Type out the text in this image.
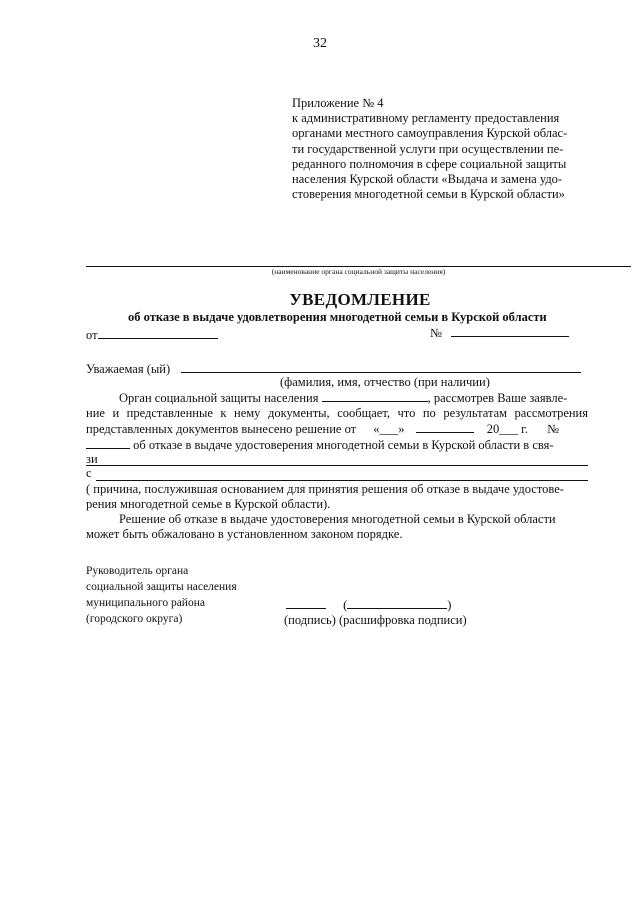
32
Приложение № 4
к административному регламенту предоставления
органами местного самоуправления Курской облас-
ти государственной услуги при осуществлении пе-
реданного полномочия в сфере социальной защиты
населения Курской области «Выдача и замена удо-
стоверения многодетной семьи в Курской области»
(наименование органа социальной защиты населения)
УВЕДОМЛЕНИЕ
об отказе в выдаче удовлетворения многодетной семьи в Курской области
от	№
Уважаемая (ый)
(фамилия, имя, отчество (при наличии)
Орган социальной защиты населения	, рассмотрев Ваше заявле-
ние и представленные к нему документы, сообщает, что по результатам рассмотрения
представленных документов вынесено решение от «___»	20___ г. №
об отказе в выдаче удостоверения многодетной семьи в Курской области в свя-
зи
с
( причина, послужившая основанием для принятия решения об отказе в выдаче удостове-
рения многодетной семье в Курской области).
Решение об отказе в выдаче удостоверения многодетной семьи в Курской области
может быть обжаловано в установленном законом порядке.
Руководитель органа
социальной защиты населения
муниципального района
(городского округа)
(	)
(подпись) (расшифровка подписи)
